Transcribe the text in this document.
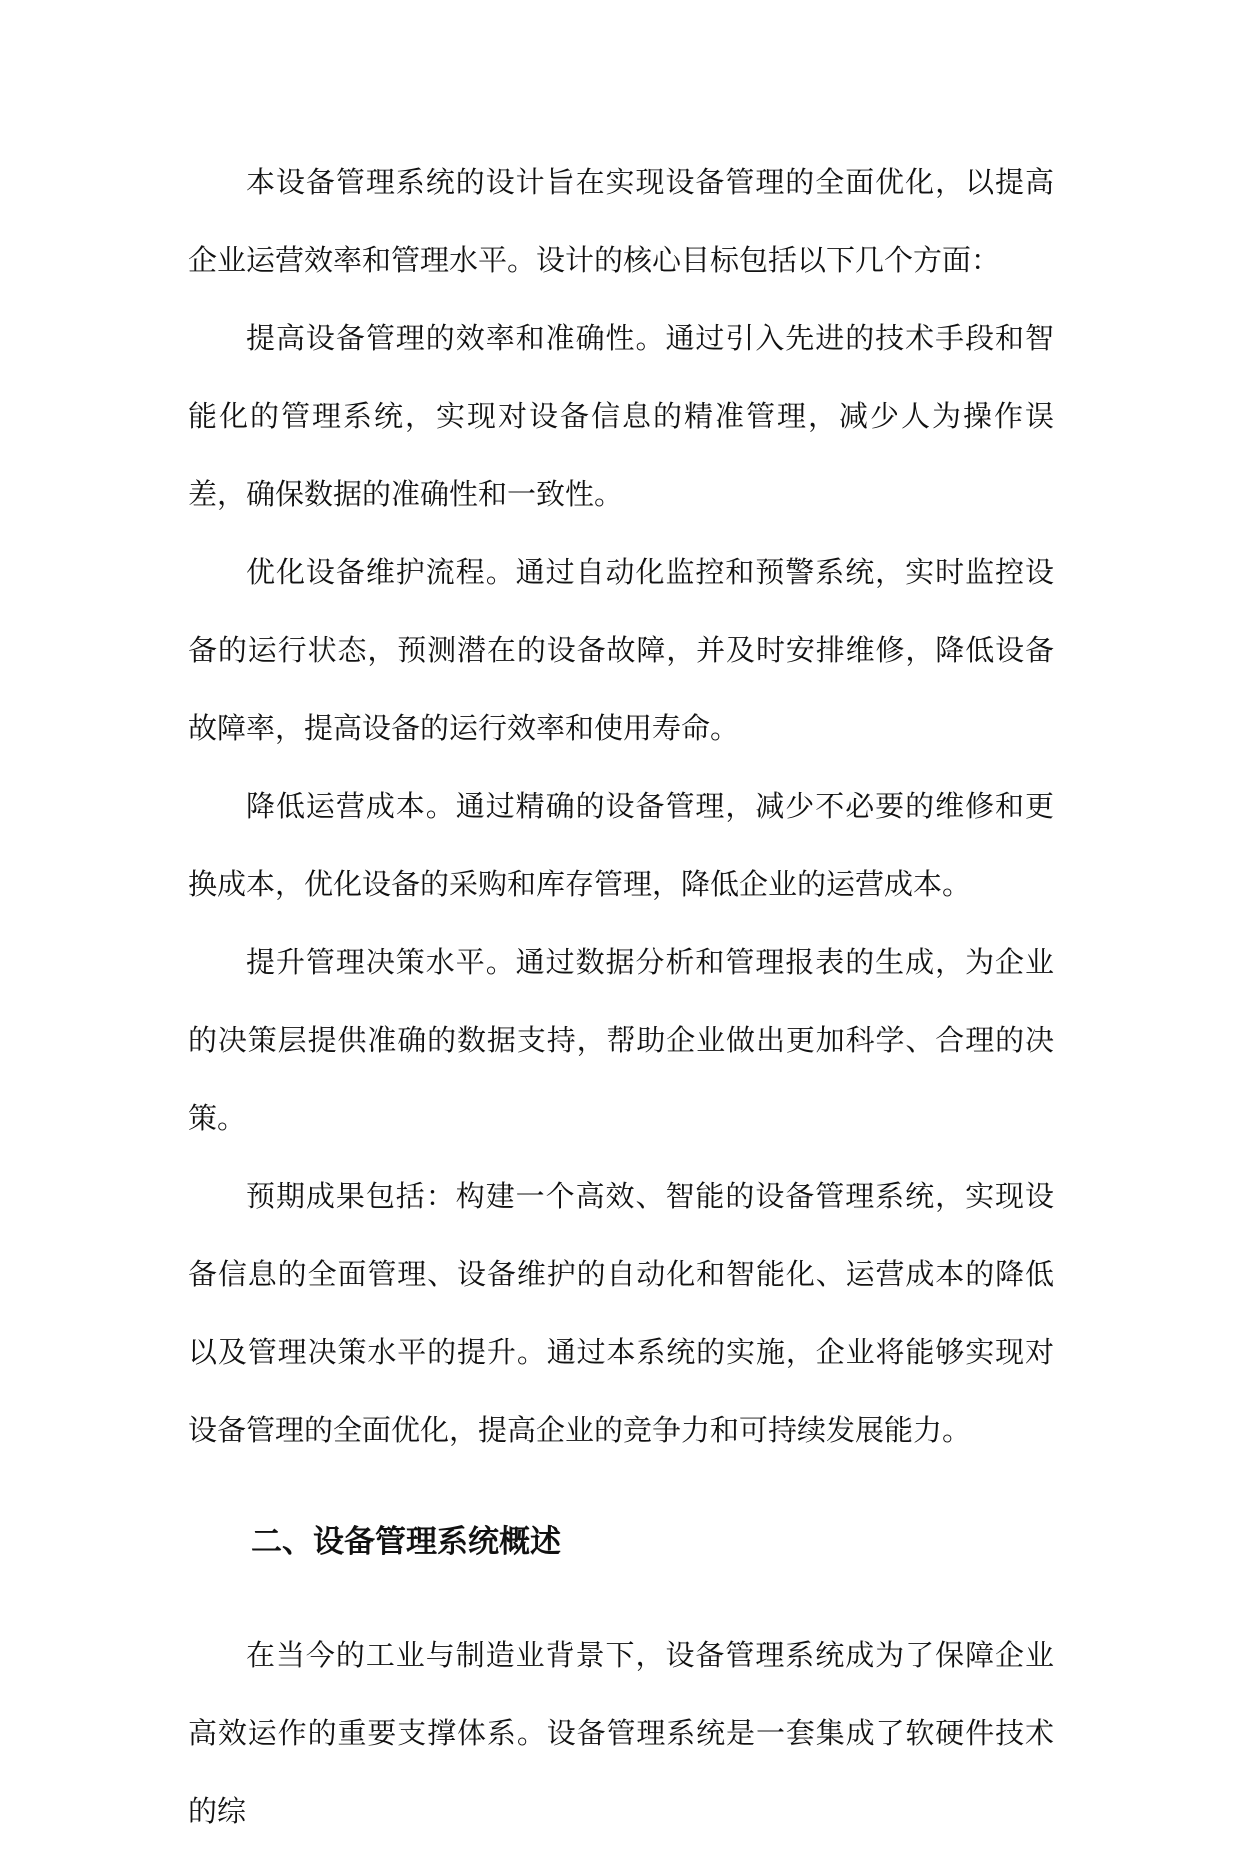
本设备管理系统的设计旨在实现设备管理的全面优化，以提高企业运营效率和管理水平。设计的核心目标包括以下几个方面：

提高设备管理的效率和准确性。通过引入先进的技术手段和智能化的管理系统，实现对设备信息的精准管理，减少人为操作误差，确保数据的准确性和一致性。

优化设备维护流程。通过自动化监控和预警系统，实时监控设备的运行状态，预测潜在的设备故障，并及时安排维修，降低设备故障率，提高设备的运行效率和使用寿命。

降低运营成本。通过精确的设备管理，减少不必要的维修和更换成本，优化设备的采购和库存管理，降低企业的运营成本。

提升管理决策水平。通过数据分析和管理报表的生成，为企业的决策层提供准确的数据支持，帮助企业做出更加科学、合理的决策。

预期成果包括：构建一个高效、智能的设备管理系统，实现设备信息的全面管理、设备维护的自动化和智能化、运营成本的降低以及管理决策水平的提升。通过本系统的实施，企业将能够实现对设备管理的全面优化，提高企业的竞争力和可持续发展能力。

二、设备管理系统概述

在当今的工业与制造业背景下，设备管理系统成为了保障企业高效运作的重要支撑体系。设备管理系统是一套集成了软硬件技术的综
